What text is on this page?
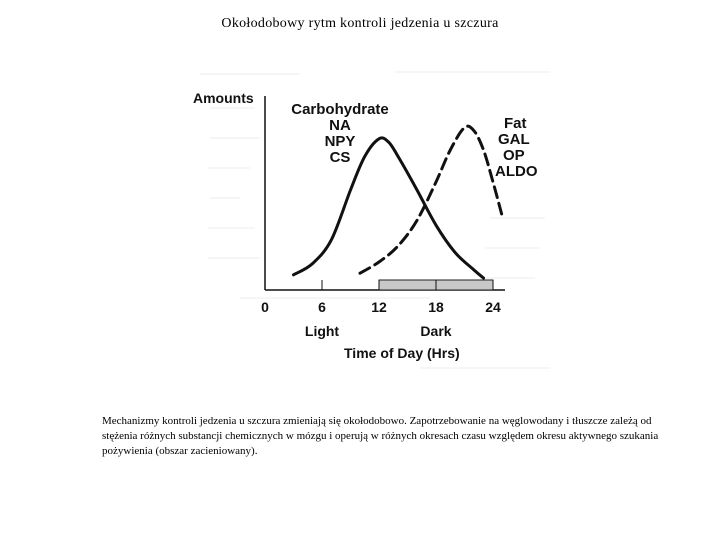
Okołodobowy rytm kontroli jedzenia u szczura
Amounts
Time of Day (Hrs)
Light	Dark
Carbohydrate
NA
NPY
CS
Fat
GAL
OP
ALDO
0	6	12	18	24
Mechanizmy kontroli jedzenia u szczura zmieniają się okołodobowo. Zapotrzebowanie na węglowodany i tłuszcze zależą od stężenia różnych substancji chemicznych w mózgu i operują w różnych okresach czasu względem okresu aktywnego szukania pożywienia (obszar zacieniowany).
